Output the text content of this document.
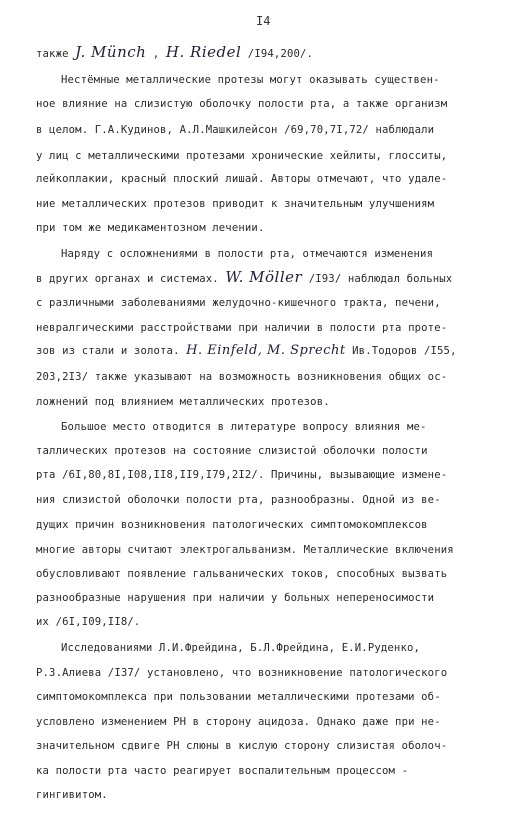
I4
также J. Münch , H. Riedel /I94,200/.
Нестёмные металлические протезы могут оказывать существен-
ное влияние на слизистую оболочку полости рта, а также организм
в целом. Г.А.Кудинов, А.Л.Машкилейсон /69,70,7I,72/ наблюдали
у лиц с металлическими протезами хронические хейлиты, глосситы,
лейкоплакии, красный плоский лишай. Авторы отмечают, что удале-
ние металлических протезов приводит к значительным улучшениям
при том же медикаментозном лечении.
Наряду с осложнениями в полости рта, отмечаются изменения
в других органах и системах. W. Möller /I93/ наблюдал больных
с различными заболеваниями желудочно-кишечного тракта, печени,
невралгическими расстройствами при наличии в полости рта проте-
зов из стали и золота. H. Einfeld, M. Sprecht Ив.Тодоров /I55,
203,2I3/ также указывают на возможность возникновения общих ос-
ложнений под влиянием металлических протезов.
Большое место отводится в литературе вопросу влияния ме-
таллических протезов на состояние слизистой оболочки полости
рта /6I,80,8I,I08,II8,II9,I79,2I2/. Причины, вызывающие измене-
ния слизистой оболочки полости рта, разнообразны. Одной из ве-
дущих причин возникновения патологических симптомокомплексов
многие авторы считают электрогальванизм. Металлические включения
обусловливают появление гальванических токов, способных вызвать
разнообразные нарушения при наличии у больных непереносимости
их /6I,I09,II8/.
Исследованиями Л.И.Фрейдина, Б.Л.Фрейдина, Е.И.Руденко,
Р.З.Алиева /I37/ установлено, что возникновение патологического
симптомокомплекса при пользовании металлическими протезами об-
условлено изменением РН в сторону ацидоза. Однако даже при не-
значительном сдвиге РН слюны в кислую сторону слизистая оболоч-
ка полости рта часто реагирует воспалительным процессом -
гингивитом.
